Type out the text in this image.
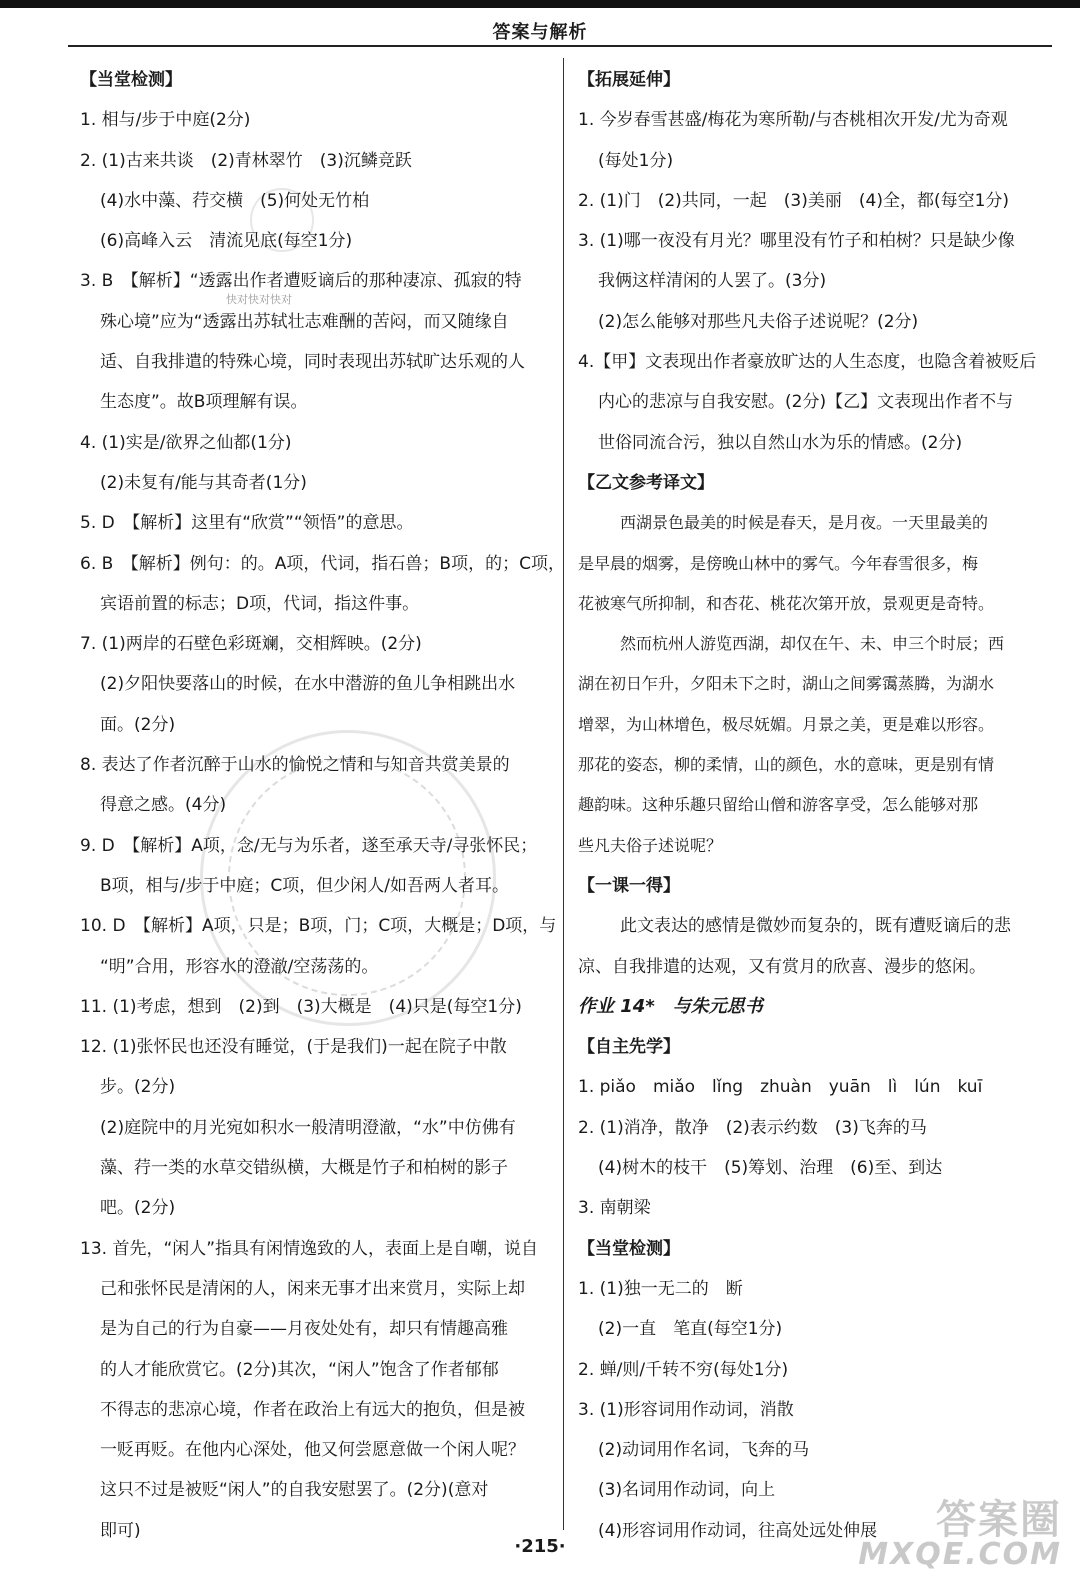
答案与解析
快对快对快对
【当堂检测】
1. 相与/步于中庭(2分)
2. (1)古来共谈　(2)青林翠竹　(3)沉鳞竞跃
(4)水中藻、荇交横　(5)何处无竹柏
(6)高峰入云　清流见底(每空1分)
3. B　【解析】“透露出作者遭贬谪后的那种凄凉、孤寂的特
殊心境”应为“透露出苏轼壮志难酬的苦闷，而又随缘自
适、自我排遣的特殊心境，同时表现出苏轼旷达乐观的人
生态度”。故B项理解有误。
4. (1)实是/欲界之仙都(1分)
(2)未复有/能与其奇者(1分)
5. D　【解析】这里有“欣赏”“领悟”的意思。
6. B　【解析】例句：的。A项，代词，指石兽；B项，的；C项，
宾语前置的标志；D项，代词，指这件事。
7. (1)两岸的石壁色彩斑斓，交相辉映。(2分)
(2)夕阳快要落山的时候，在水中潜游的鱼儿争相跳出水
面。(2分)
8. 表达了作者沉醉于山水的愉悦之情和与知音共赏美景的
得意之感。(4分)
9. D　【解析】A项，念/无与为乐者，遂至承天寺/寻张怀民；
B项，相与/步于中庭；C项，但少闲人/如吾两人者耳。
10. D　【解析】A项，只是；B项，门；C项，大概是；D项，与
“明”合用，形容水的澄澈/空荡荡的。
11. (1)考虑，想到　(2)到　(3)大概是　(4)只是(每空1分)
12. (1)张怀民也还没有睡觉，(于是我们)一起在院子中散
步。(2分)
(2)庭院中的月光宛如积水一般清明澄澈，“水”中仿佛有
藻、荇一类的水草交错纵横，大概是竹子和柏树的影子
吧。(2分)
13. 首先，“闲人”指具有闲情逸致的人，表面上是自嘲，说自
己和张怀民是清闲的人，闲来无事才出来赏月，实际上却
是为自己的行为自豪——月夜处处有，却只有情趣高雅
的人才能欣赏它。(2分)其次，“闲人”饱含了作者郁郁
不得志的悲凉心境，作者在政治上有远大的抱负，但是被
一贬再贬。在他内心深处，他又何尝愿意做一个闲人呢？
这只不过是被贬“闲人”的自我安慰罢了。(2分)(意对
即可)
【拓展延伸】
1. 今岁春雪甚盛/梅花为寒所勒/与杏桃相次开发/尤为奇观
(每处1分)
2. (1)门　(2)共同，一起　(3)美丽　(4)全，都(每空1分)
3. (1)哪一夜没有月光？哪里没有竹子和柏树？只是缺少像
我俩这样清闲的人罢了。(3分)
(2)怎么能够对那些凡夫俗子述说呢？(2分)
4.【甲】文表现出作者豪放旷达的人生态度，也隐含着被贬后
内心的悲凉与自我安慰。(2分)【乙】文表现出作者不与
世俗同流合污，独以自然山水为乐的情感。(2分)
【乙文参考译文】
西湖景色最美的时候是春天，是月夜。一天里最美的
是早晨的烟雾，是傍晚山林中的雾气。今年春雪很多，梅
花被寒气所抑制，和杏花、桃花次第开放，景观更是奇特。
然而杭州人游览西湖，却仅在午、未、申三个时辰；西
湖在初日乍升，夕阳未下之时，湖山之间雾霭蒸腾，为湖水
增翠，为山林增色，极尽妩媚。月景之美，更是难以形容。
那花的姿态，柳的柔情，山的颜色，水的意味，更是别有情
趣韵味。这种乐趣只留给山僧和游客享受，怎么能够对那
些凡夫俗子述说呢？
【一课一得】
此文表达的感情是微妙而复杂的，既有遭贬谪后的悲
凉、自我排遣的达观，又有赏月的欣喜、漫步的悠闲。
作业 14*　与朱元思书
【自主先学】
1. piǎo　miǎo　lǐng　zhuàn　yuān　lì　lún　kuī
2. (1)消净，散净　(2)表示约数　(3)飞奔的马
(4)树木的枝干　(5)筹划、治理　(6)至、到达
3. 南朝梁
【当堂检测】
1. (1)独一无二的　断
(2)一直　笔直(每空1分)
2. 蝉/则/千转不穷(每处1分)
3. (1)形容词用作动词，消散
(2)动词用作名词，飞奔的马
(3)名词用作动词，向上
(4)形容词用作动词，往高处远处伸展
·215·
答案圈
MXQE.COM
